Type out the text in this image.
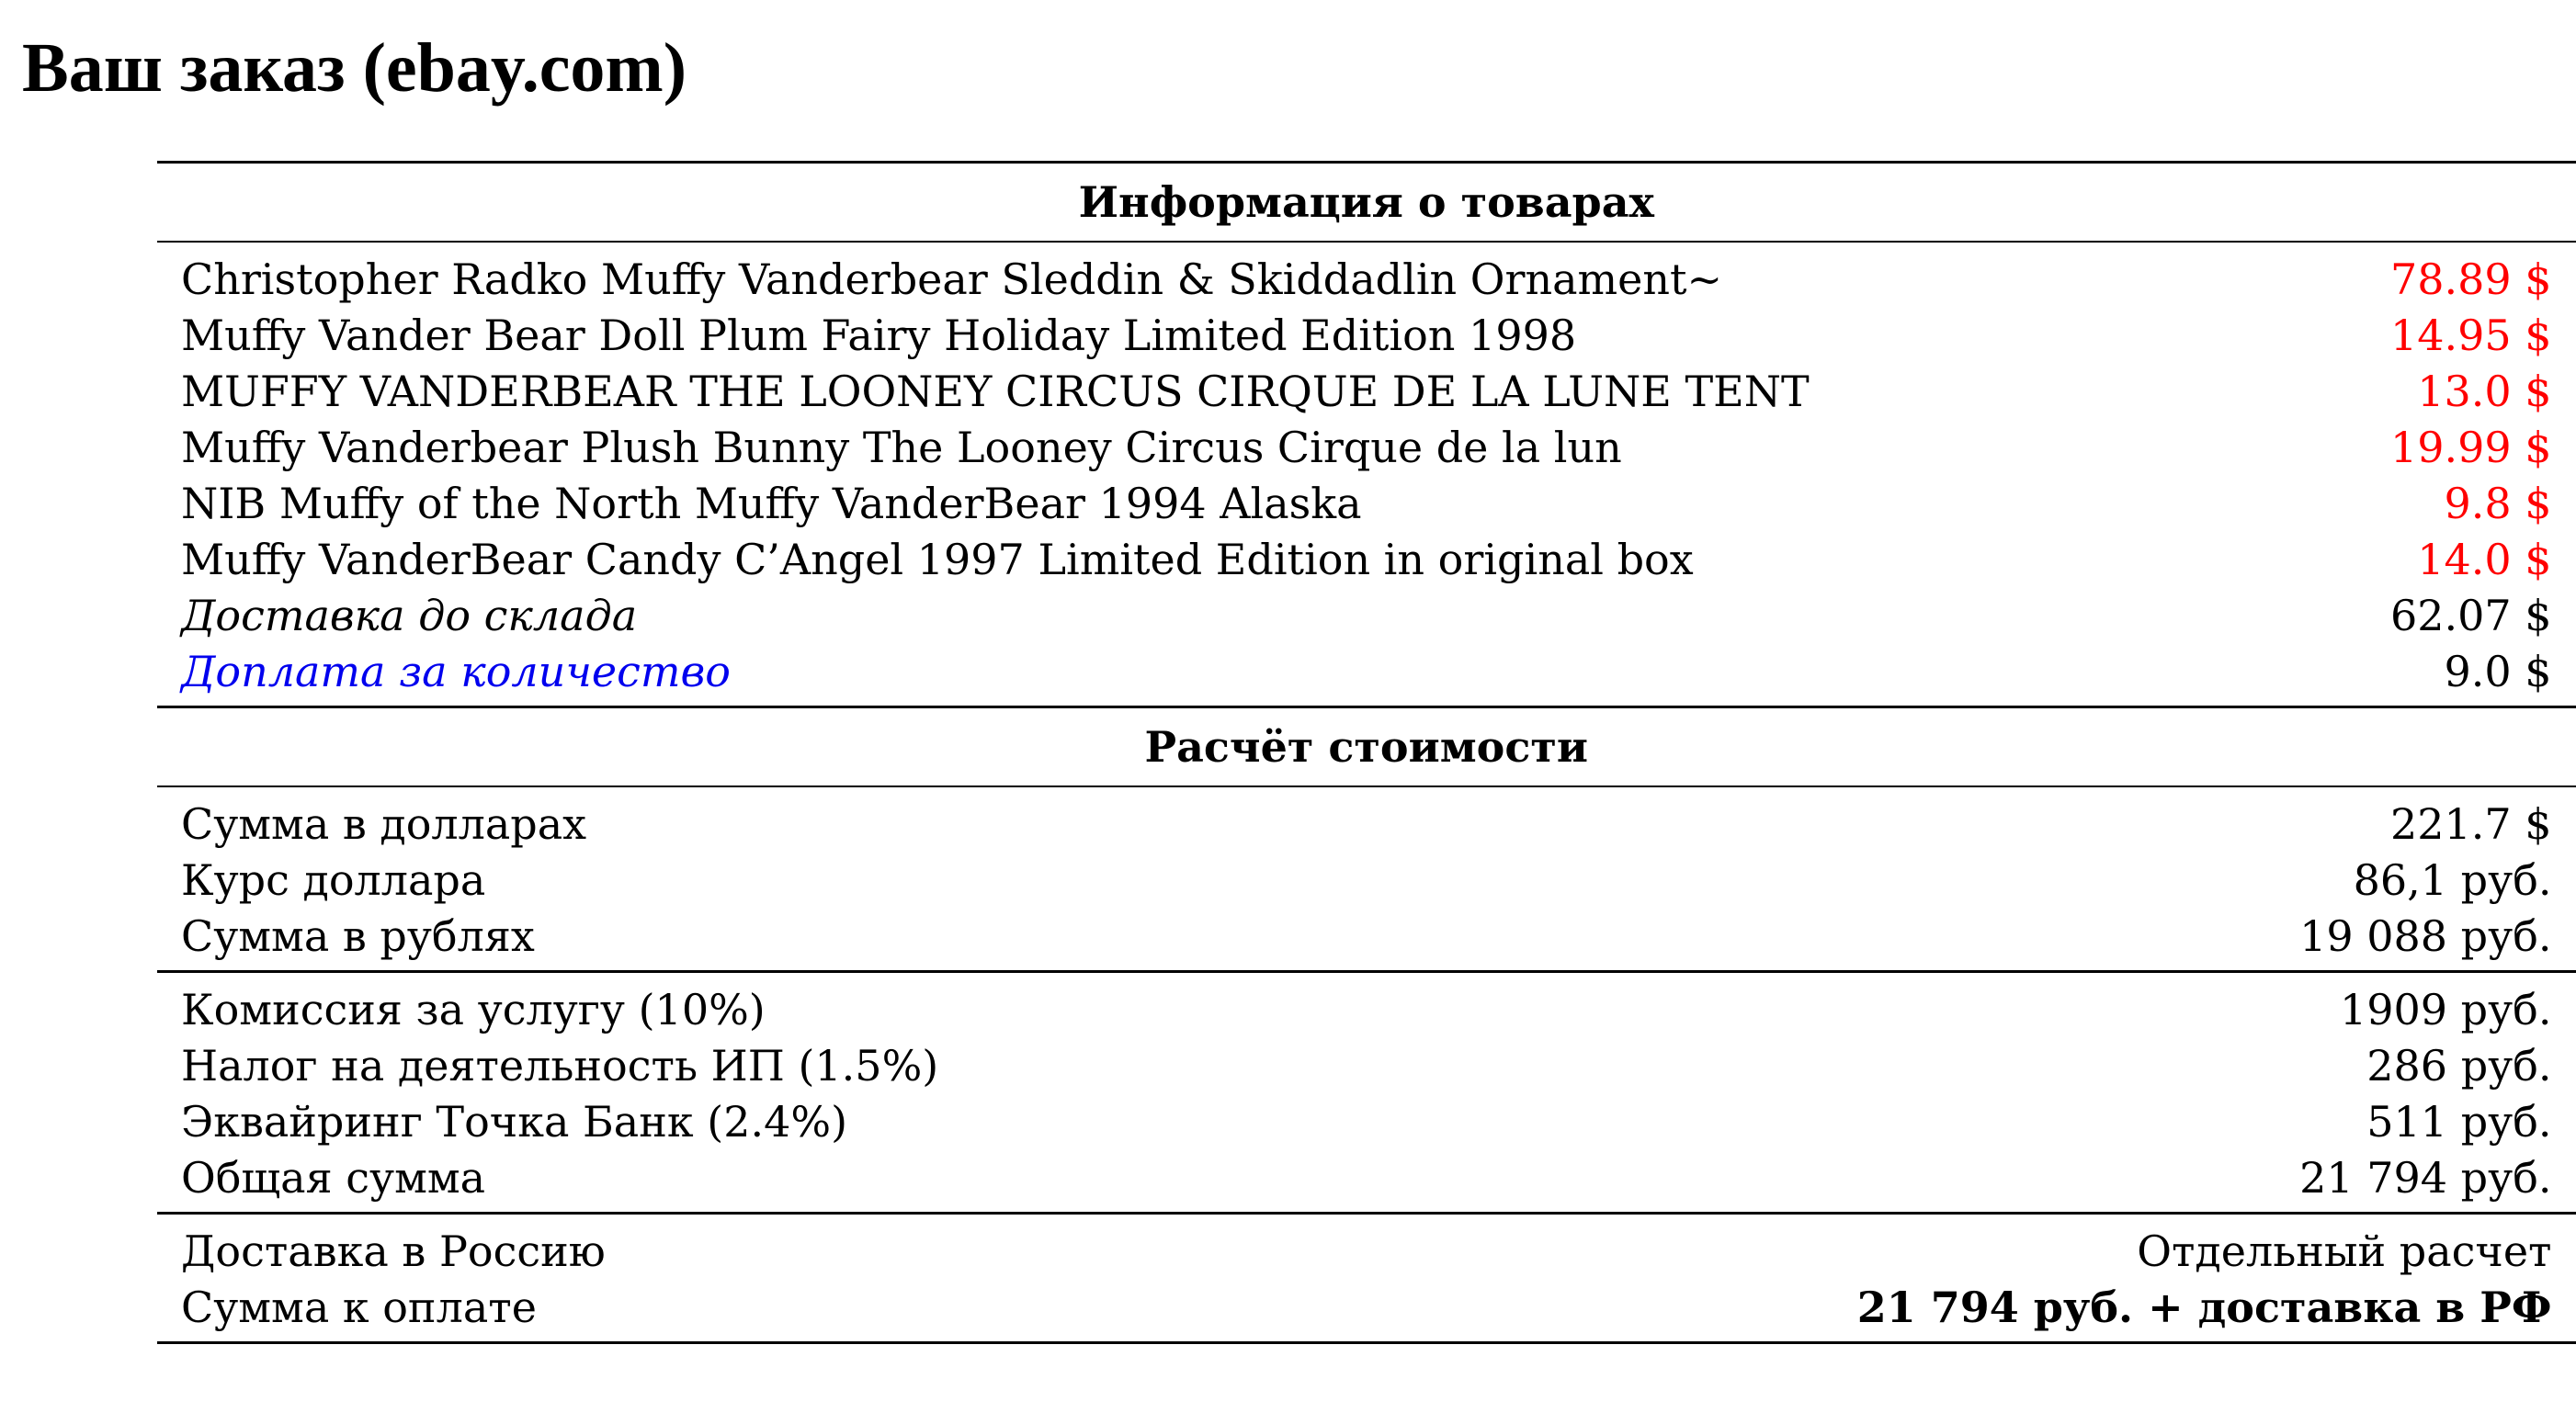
Ваш заказ (ebay.com)
Информация о товарах	
Christopher Radko Muffy Vanderbear Sleddin & Skiddadlin Ornament~	78.89 $
Muffy Vander Bear Doll Plum Fairy Holiday Limited Edition 1998	14.95 $
MUFFY VANDERBEAR THE LOONEY CIRCUS CIRQUE DE LA LUNE TENT	13.0 $
Muffy Vanderbear Plush Bunny The Looney Circus Cirque de la lun	19.99 $
NIB Muffy of the North Muffy VanderBear 1994 Alaska	9.8 $
Muffy VanderBear Candy C’Angel 1997 Limited Edition in original box	14.0 $
Доставка до склада	62.07 $
Доплата за количество	9.0 $
Расчёт стоимости	
Сумма в долларах	221.7 $
Курс доллара	86,1 руб.
Сумма в рублях	19 088 руб.
Комиссия за услугу (10%)	1909 руб.
Налог на деятельность ИП (1.5%)	286 руб.
Эквайринг Точка Банк (2.4%)	511 руб.
Общая сумма	21 794 руб.
Доставка в Россию	Отдельный расчет
Сумма к оплате	21 794 руб. + доставка в РФ
